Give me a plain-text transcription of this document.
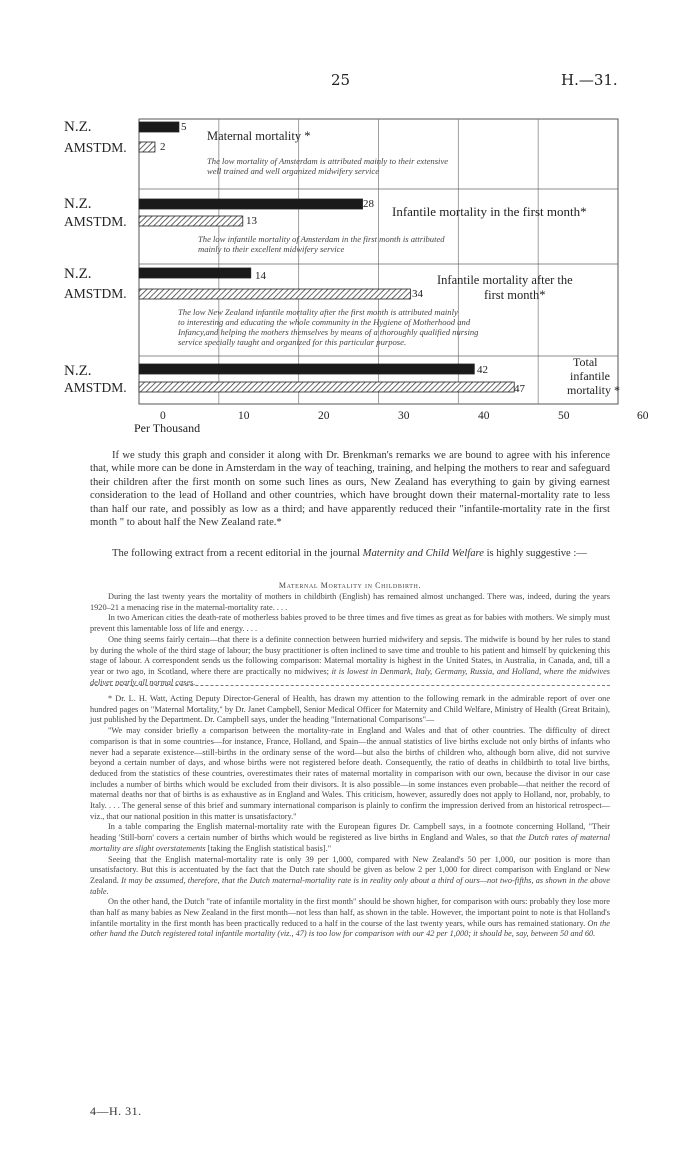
25	H.—31.
N.Z.
AMSTDM.
N.Z.
AMSTDM.
N.Z.
AMSTDM.
N.Z.
AMSTDM.
5
2
28
13
14
34
42
47
Maternal mortality *
Infantile mortality in the first month*
Infantile mortality after the
first month*
Total
infantile
mortality *
The low mortality of Amsterdam is attributed mainly to their extensive
well trained and well organized midwifery service
The low infantile mortality of Amsterdam in the first month is attributed
mainly to their excellent midwifery service
The low New Zealand infantile mortality after the first month is attributed mainly
to interesting and educating the whole community in the Hygiene of Motherhood and
Infancy,and helping the mothers themselves by means of a thoroughly qualified nursing
service specially taught and organized for this particular purpose.
0	10	20	30	40	50	60
Per Thousand

If we study this graph and consider it along with Dr. Brenkman's remarks we are bound to agree with his inference that, while more can be done in Amsterdam in the way of teaching, training, and helping the mothers to rear and safeguard their children after the first month on some such lines as ours, New Zealand has everything to gain by giving earnest consideration to the lead of Holland and other countries, which have brought down their maternal-mortality rate to less than half our rate, and possibly as low as a third; and have apparently reduced their "infantile-mortality rate in the first month " to about half the New Zealand rate.*

The following extract from a recent editorial in the journal Maternity and Child Welfare is highly suggestive :—

Maternal Mortality in Childbirth.

During the last twenty years the mortality of mothers in childbirth (English) has remained almost unchanged. There was, indeed, during the years 1920–21 a menacing rise in the maternal-mortality rate. . . .

In two American cities the death-rate of motherless babies proved to be three times and five times as great as for babies with mothers. We simply must prevent this lamentable loss of life and energy. . . .

One thing seems fairly certain—that there is a definite connection between hurried midwifery and sepsis. The midwife is bound by her rules to stand by during the whole of the third stage of labour; the busy practitioner is often inclined to save time and trouble to his patient and himself by quickening this stage of labour. A correspondent sends us the following comparison: Maternal mortality is highest in the United States, in Australia, in Canada, and, till a year or two ago, in Scotland, where there are practically no midwives; it is lowest in Denmark, Italy, Germany, Russia, and Holland, where the midwives deliver nearly all normal cases.

* Dr. L. H. Watt, Acting Deputy Director-General of Health, has drawn my attention to the following remark in the admirable report of over one hundred pages on "Maternal Mortality," by Dr. Janet Campbell, Senior Medical Officer for Maternity and Child Welfare, Ministry of Health (Great Britain), just published by the Department. Dr. Campbell says, under the heading "International Comparisons"—

"We may consider briefly a comparison between the mortality-rate in England and Wales and that of other countries. The difficulty of direct comparison is that in some countries—for instance, France, Holland, and Spain—the annual statistics of live births exclude not only births of infants who never had a separate existence—still-births in the ordinary sense of the word—but also the births of children who, although born alive, did not survive beyond a certain number of days, and whose births were not registered before death. Consequently, the ratio of deaths in childbirth to total live births, deduced from the statistics of these countries, overestimates their rates of maternal mortality in comparison with our own, because the divisor in our case includes a number of births which would be excluded from their divisors. It is also possible—in some instances even probable—that neither the record of maternal deaths nor that of births is as exhaustive as in England and Wales. This criticism, however, assuredly does not apply to Holland, nor, probably, to Italy. . . . The general sense of this brief and summary international comparison is plainly to confirm the impression derived from an historical retrospect—viz., that our national position in this matter is unsatisfactory."

In a table comparing the English maternal-mortality rate with the European figures Dr. Campbell says, in a footnote concerning Holland, "Their heading 'Still-born' covers a certain number of births which would be registered as live births in England and Wales, so that the Dutch rates of maternal mortality are slight overstatements [taking the English statistical basis]."

Seeing that the English maternal-mortality rate is only 39 per 1,000, compared with New Zealand's 50 per 1,000, our position is more than unsatisfactory. But this is accentuated by the fact that the Dutch rate should be given as below 2 per 1,000 for direct comparison with England or New Zealand. It may be assumed, therefore, that the Dutch maternal-mortality rate is in reality only about a third of ours—not two-fifths, as shown in the above table.

On the other hand, the Dutch "rate of infantile mortality in the first month" should be shown higher, for comparison with ours: probably they lose more than half as many babies as New Zealand in the first month—not less than half, as shown in the table. However, the important point to note is that Holland's infantile mortality in the first month has been practically reduced to a half in the course of the last twenty years, while ours has remained stationary. On the other hand the Dutch registered total infantile mortality (viz., 47) is too low for comparison with our 42 per 1,000; it should be, say, between 50 and 60.

4—H. 31.
